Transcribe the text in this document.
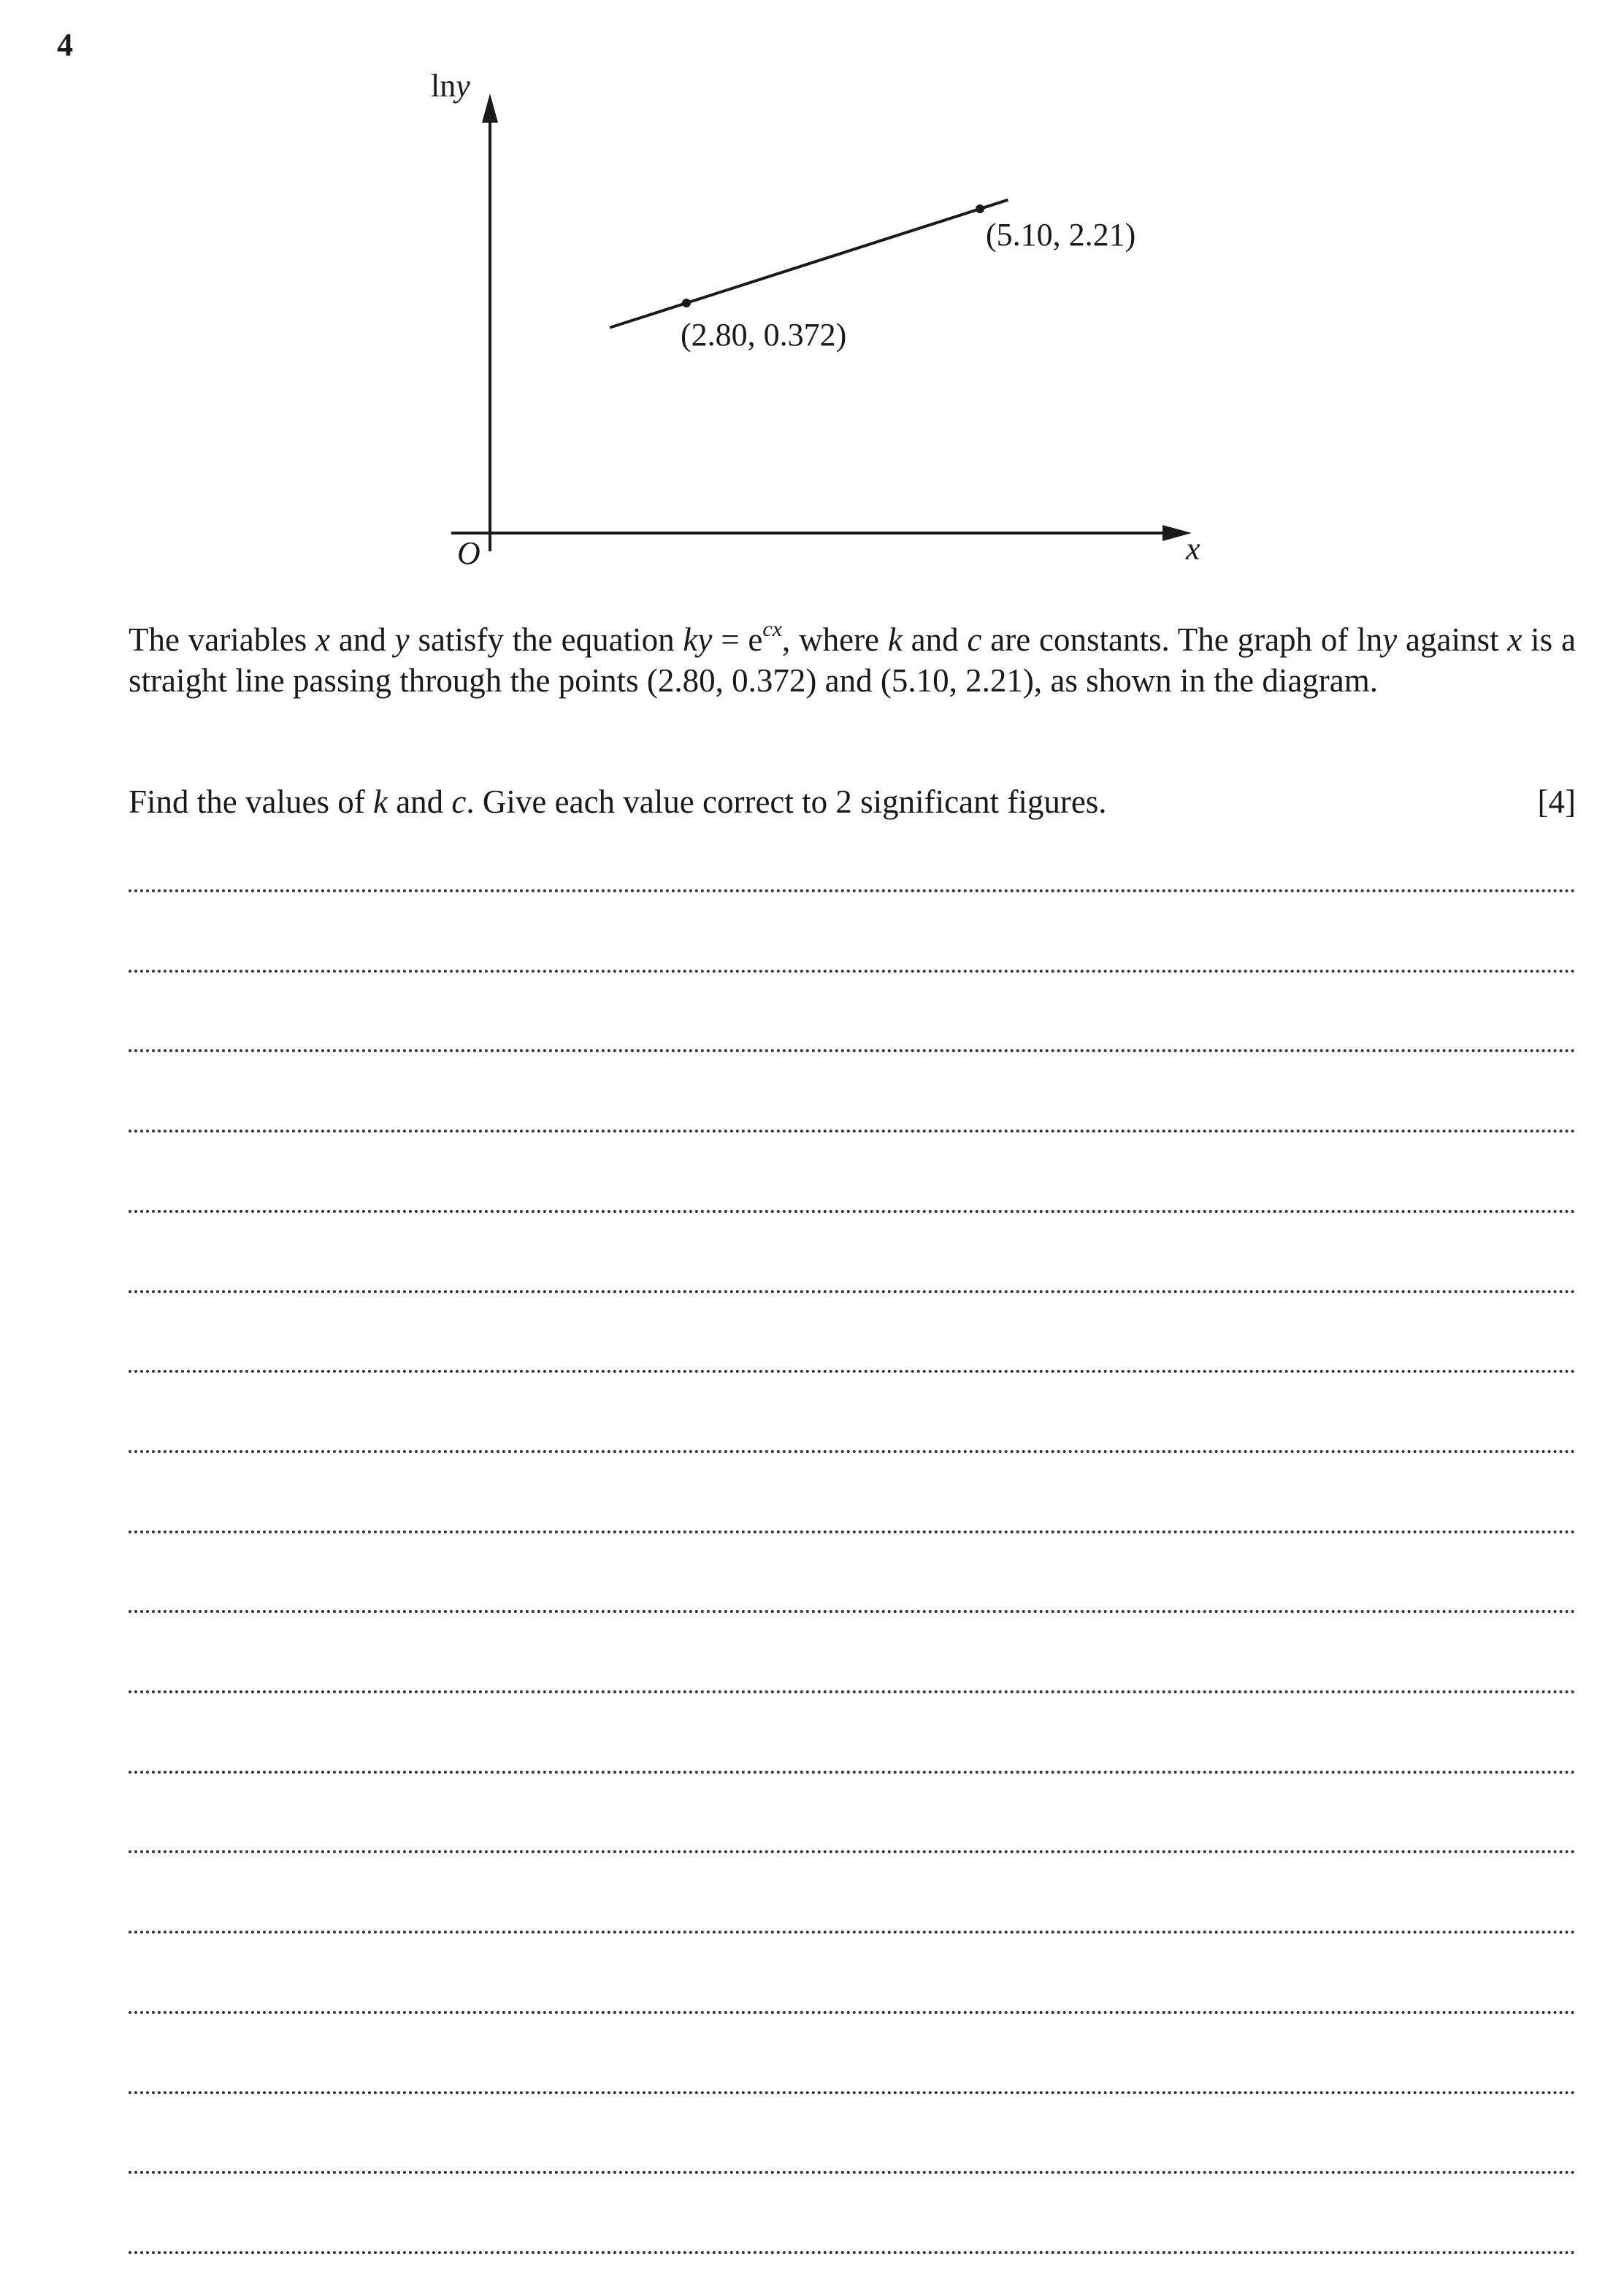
4
lny
x
O
(2.80, 0.372)
(5.10, 2.21)
The variables x and y satisfy the equation ky = $e^{cx}$, where k and c are constants. The graph of lny against x is a straight line passing through the points (2.80, 0.372) and (5.10, 2.21), as shown in the diagram.
Find the values of k and c. Give each value correct to 2 significant figures.	[4]
